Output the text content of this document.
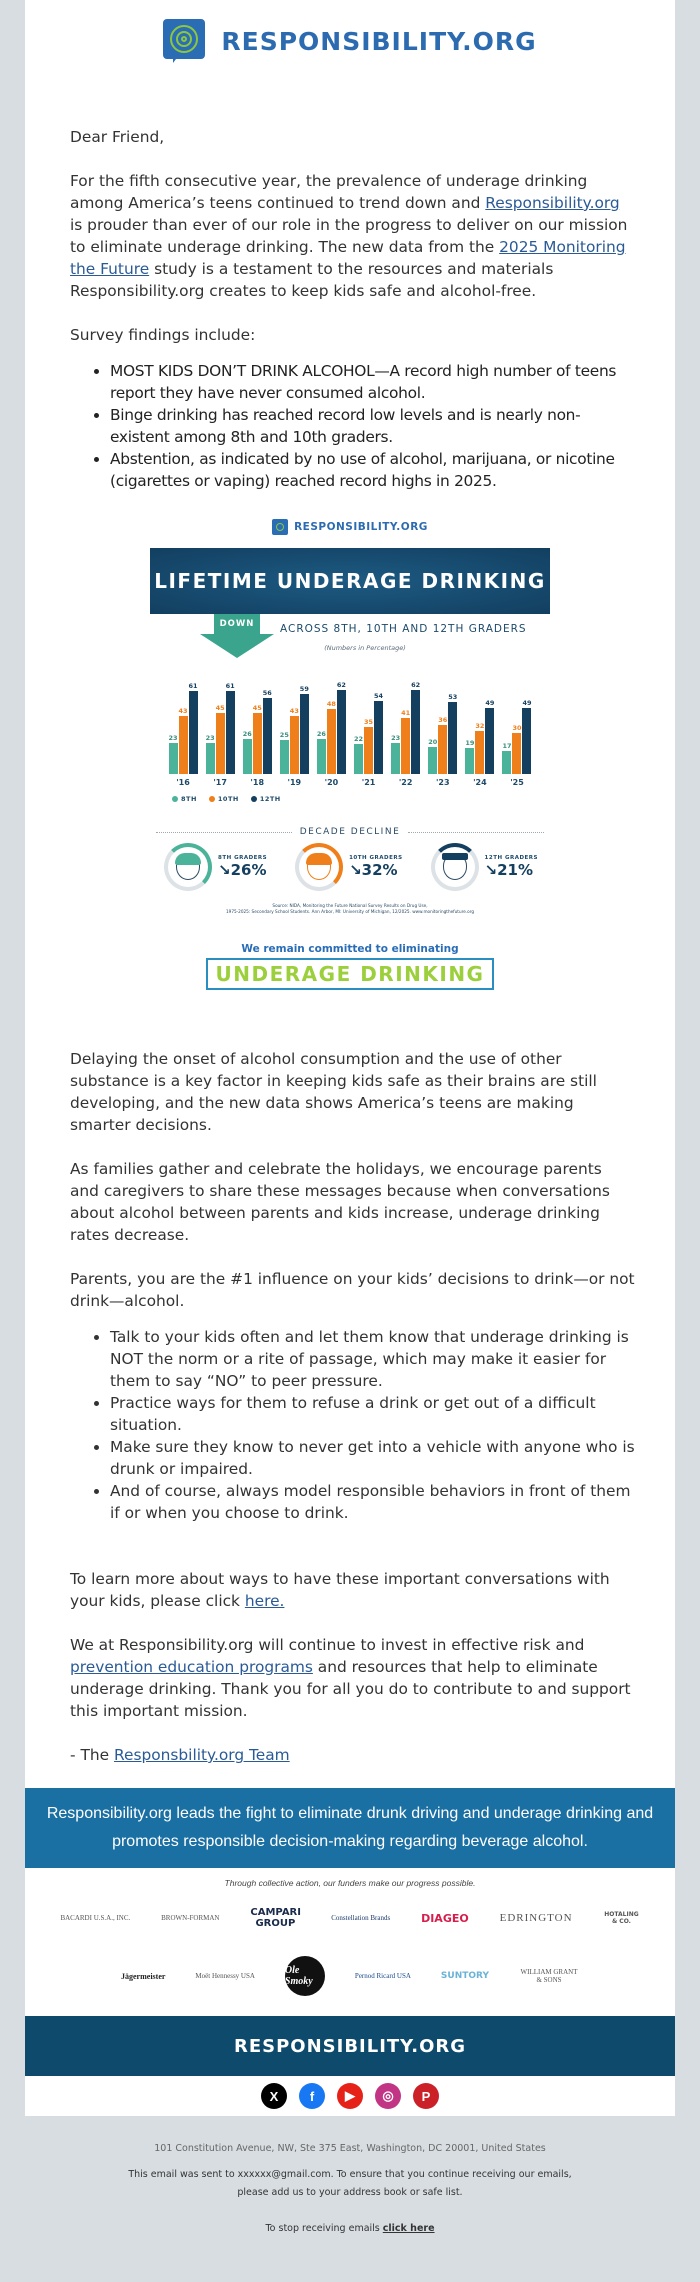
RESPONSIBILITY.ORG

Dear Friend,

For the fifth consecutive year, the prevalence of underage drinking among America’s teens continued to trend down and Responsibility.org is prouder than ever of our role in the progress to deliver on our mission to eliminate underage drinking. The new data from the 2025 Monitoring the Future study is a testament to the resources and materials Responsibility.org creates to keep kids safe and alcohol-free.

Survey findings include:

• MOST KIDS DON’T DRINK ALCOHOL—A record high number of teens report they have never consumed alcohol.
• Binge drinking has reached record low levels and is nearly non-existent among 8th and 10th graders.
• Abstention, as indicated by no use of alcohol, marijuana, or nicotine (cigarettes or vaping) reached record highs in 2025.
RESPONSIBILITY.ORG
LIFETIME UNDERAGE DRINKING
DOWN	ACROSS 8TH, 10TH AND 12TH GRADERS
(Numbers in Percentage)
23
43
61
23
45
61
26
45
56
25
43
59
26
48
62
22
35
54
23
41
62
20
36
53
19
32
49
17
30
49
'16	'17	'18	'19	'20	'21	'22	'23	'24	'25
8TH	10TH	12TH
DECADE DECLINE
8TH GRADERS
↘26%
10TH GRADERS
↘32%
12TH GRADERS
↘21%
Source: NIDA, Monitoring the Future National Survey Results on Drug Use,
1975-2025: Secondary School Students. Ann Arbor, MI: University of Michigan, 12/2025. www.monitoringthefuture.org
We remain committed to eliminating
UNDERAGE DRINKING

Delaying the onset of alcohol consumption and the use of other substance is a key factor in keeping kids safe as their brains are still developing, and the new data shows America’s teens are making smarter decisions.

As families gather and celebrate the holidays, we encourage parents and caregivers to share these messages because when conversations about alcohol between parents and kids increase, underage drinking rates decrease.

Parents, you are the #1 influence on your kids’ decisions to drink—or not drink—alcohol.

• Talk to your kids often and let them know that underage drinking is NOT the norm or a rite of passage, which may make it easier for them to say “NO” to peer pressure.
• Practice ways for them to refuse a drink or get out of a difficult situation.
• Make sure they know to never get into a vehicle with anyone who is drunk or impaired.
• And of course, always model responsible behaviors in front of them if or when you choose to drink.

To learn more about ways to have these important conversations with your kids, please click here.

We at Responsibility.org will continue to invest in effective risk and prevention education programs and resources that help to eliminate underage drinking. Thank you for all you do to contribute to and support this important mission.

- The Responsbility.org Team

Responsibility.org leads the fight to eliminate drunk driving and underage drinking and promotes responsible decision-making regarding beverage alcohol.
Through collective action, our funders make our progress possible.
BACARDI U.S.A., INC.	BROWN-FORMAN	CAMPARI GROUP	Constellation Brands	DIAGEO	EDRINGTON	HOTALING & CO.
Jägermeister	Moët Hennessy USA	Ole Smoky	Pernod Ricard USA	SUNTORY	WILLIAM GRANT & SONS
RESPONSIBILITY.ORG
X	f	▶	◎	P
101 Constitution Avenue, NW, Ste 375 East, Washington, DC 20001, United States
This email was sent to xxxxxx@gmail.com. To ensure that you continue receiving our emails,
please add us to your address book or safe list.
To stop receiving emails click here
